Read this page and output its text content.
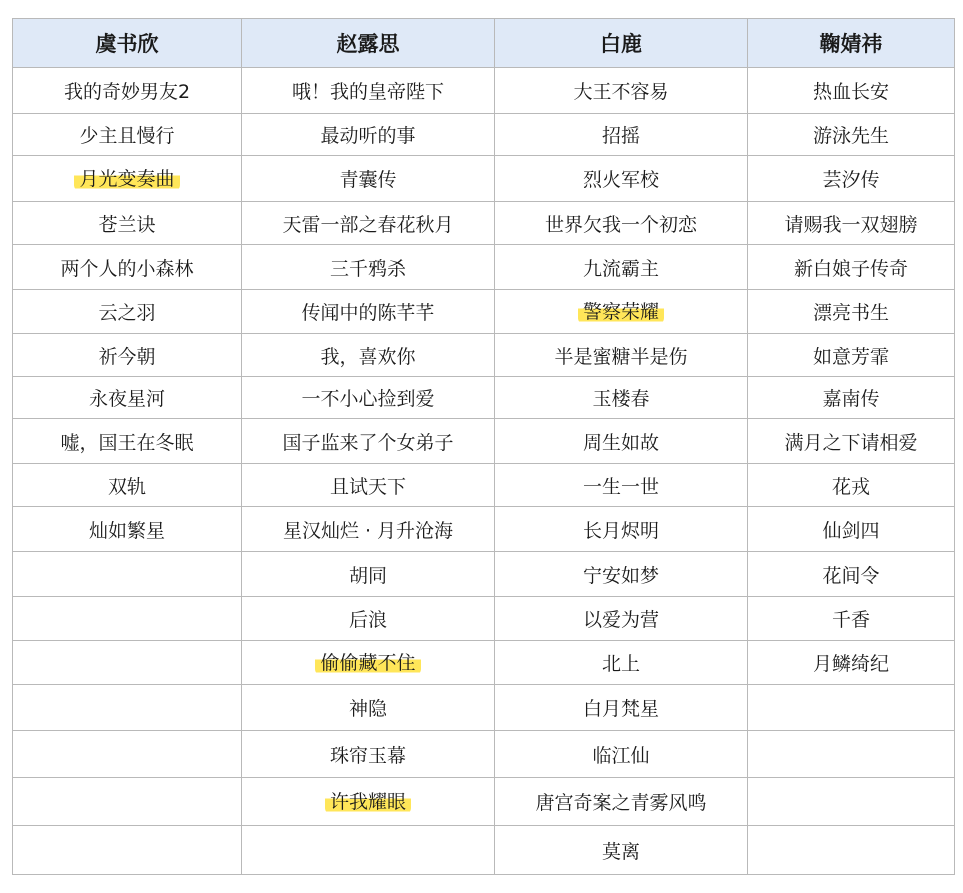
虞书欣	赵露思	白鹿	鞠婧祎
我的奇妙男友2	哦！我的皇帝陛下	大王不容易	热血长安
少主且慢行	最动听的事	招摇	游泳先生
月光变奏曲	青囊传	烈火军校	芸汐传
苍兰诀	天雷一部之春花秋月	世界欠我一个初恋	请赐我一双翅膀
两个人的小森林	三千鸦杀	九流霸主	新白娘子传奇
云之羽	传闻中的陈芊芊	警察荣耀	漂亮书生
祈今朝	我，喜欢你	半是蜜糖半是伤	如意芳霏
永夜星河	一不小心捡到爱	玉楼春	嘉南传
嘘，国王在冬眠	国子监来了个女弟子	周生如故	满月之下请相爱
双轨	且试天下	一生一世	花戎
灿如繁星	星汉灿烂 · 月升沧海	长月烬明	仙剑四
	胡同	宁安如梦	花间令
	后浪	以爱为营	千香
	偷偷藏不住	北上	月鳞绮纪
	神隐	白月梵星	
	珠帘玉幕	临江仙	
	许我耀眼	唐宫奇案之青雾风鸣	
		莫离	
